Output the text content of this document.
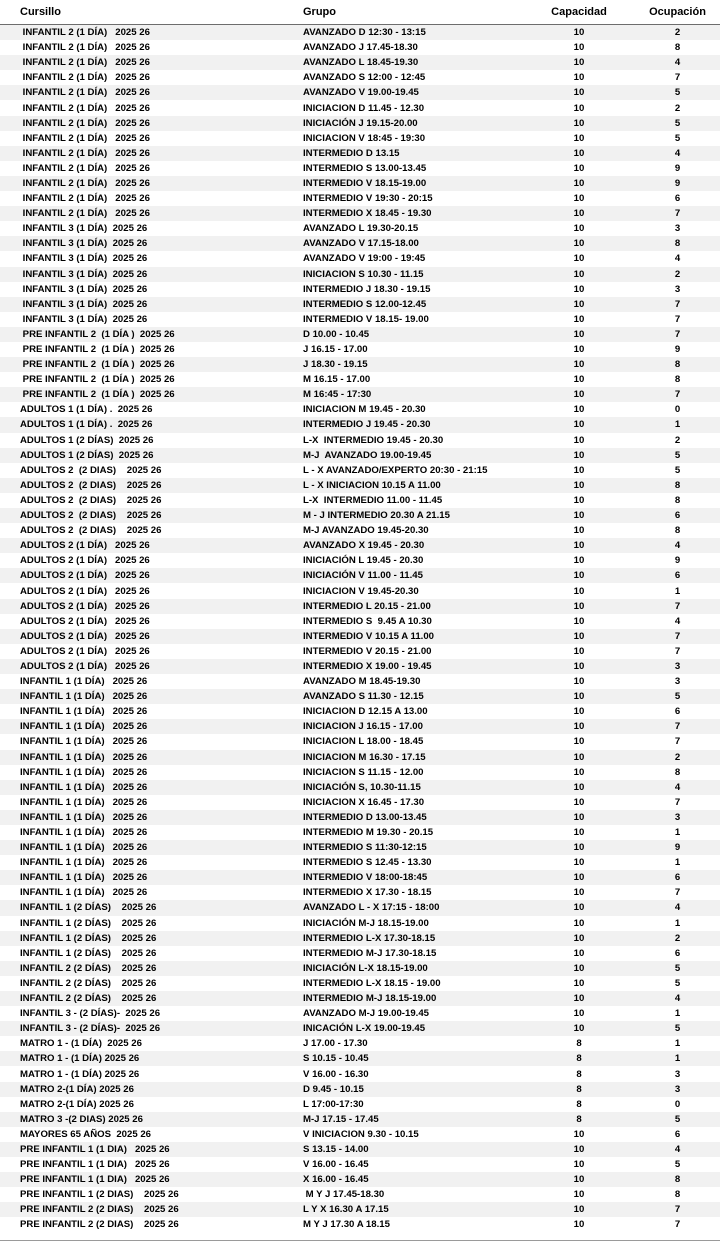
Cursillo	Grupo	Capacidad	Ocupación
INFANTIL 2 (1 DÍA)   2025 26	AVANZADO D 12:30 - 13:15	10	2
INFANTIL 2 (1 DÍA)   2025 26	AVANZADO J 17.45-18.30	10	8
INFANTIL 2 (1 DÍA)   2025 26	AVANZADO L 18.45-19.30	10	4
INFANTIL 2 (1 DÍA)   2025 26	AVANZADO S 12:00 - 12:45	10	7
INFANTIL 2 (1 DÍA)   2025 26	AVANZADO V 19.00-19.45	10	5
INFANTIL 2 (1 DÍA)   2025 26	INICIACION D 11.45 - 12.30	10	2
INFANTIL 2 (1 DÍA)   2025 26	INICIACIÓN J 19.15-20.00	10	5
INFANTIL 2 (1 DÍA)   2025 26	INICIACION V 18:45 - 19:30	10	5
INFANTIL 2 (1 DÍA)   2025 26	INTERMEDIO D 13.15	10	4
INFANTIL 2 (1 DÍA)   2025 26	INTERMEDIO S 13.00-13.45	10	9
INFANTIL 2 (1 DÍA)   2025 26	INTERMEDIO V 18.15-19.00	10	9
INFANTIL 2 (1 DÍA)   2025 26	INTERMEDIO V 19:30 - 20:15	10	6
INFANTIL 2 (1 DÍA)   2025 26	INTERMEDIO X 18.45 - 19.30	10	7
INFANTIL 3 (1 DÍA)  2025 26	AVANZADO L 19.30-20.15	10	3
INFANTIL 3 (1 DÍA)  2025 26	AVANZADO V 17.15-18.00	10	8
INFANTIL 3 (1 DÍA)  2025 26	AVANZADO V 19:00 - 19:45	10	4
INFANTIL 3 (1 DÍA)  2025 26	INICIACION S 10.30 - 11.15	10	2
INFANTIL 3 (1 DÍA)  2025 26	INTERMEDIO J 18.30 - 19.15	10	3
INFANTIL 3 (1 DÍA)  2025 26	INTERMEDIO S 12.00-12.45	10	7
INFANTIL 3 (1 DÍA)  2025 26	INTERMEDIO V 18.15- 19.00	10	7
PRE INFANTIL 2  (1 DÍA )  2025 26	D 10.00 - 10.45	10	7
PRE INFANTIL 2  (1 DÍA )  2025 26	J 16.15 - 17.00	10	9
PRE INFANTIL 2  (1 DÍA )  2025 26	J 18.30 - 19.15	10	8
PRE INFANTIL 2  (1 DÍA )  2025 26	M 16.15 - 17.00	10	8
PRE INFANTIL 2  (1 DÍA )  2025 26	M 16:45 - 17:30	10	7
ADULTOS 1 (1 DÍA) .  2025 26	INICIACION M 19.45 - 20.30	10	0
ADULTOS 1 (1 DÍA) .  2025 26	INTERMEDIO J 19.45 - 20.30	10	1
ADULTOS 1 (2 DÍAS)  2025 26	L-X  INTERMEDIO 19.45 - 20.30	10	2
ADULTOS 1 (2 DÍAS)  2025 26	M-J  AVANZADO 19.00-19.45	10	5
ADULTOS 2  (2 DIAS)    2025 26	L - X AVANZADO/EXPERTO 20:30 - 21:15	10	5
ADULTOS 2  (2 DIAS)    2025 26	L - X INICIACION 10.15 A 11.00	10	8
ADULTOS 2  (2 DIAS)    2025 26	L-X  INTERMEDIO 11.00 - 11.45	10	8
ADULTOS 2  (2 DIAS)    2025 26	M - J INTERMEDIO 20.30 A 21.15	10	6
ADULTOS 2  (2 DIAS)    2025 26	M-J AVANZADO 19.45-20.30	10	8
ADULTOS 2 (1 DÍA)   2025 26	AVANZADO X 19.45 - 20.30	10	4
ADULTOS 2 (1 DÍA)   2025 26	INICIACIÓN L 19.45 - 20.30	10	9
ADULTOS 2 (1 DÍA)   2025 26	INICIACIÓN V 11.00 - 11.45	10	6
ADULTOS 2 (1 DÍA)   2025 26	INICIACION V 19.45-20.30	10	1
ADULTOS 2 (1 DÍA)   2025 26	INTERMEDIO L 20.15 - 21.00	10	7
ADULTOS 2 (1 DÍA)   2025 26	INTERMEDIO S  9.45 A 10.30	10	4
ADULTOS 2 (1 DÍA)   2025 26	INTERMEDIO V 10.15 A 11.00	10	7
ADULTOS 2 (1 DÍA)   2025 26	INTERMEDIO V 20.15 - 21.00	10	7
ADULTOS 2 (1 DÍA)   2025 26	INTERMEDIO X 19.00 - 19.45	10	3
INFANTIL 1 (1 DÍA)   2025 26	AVANZADO M 18.45-19.30	10	3
INFANTIL 1 (1 DÍA)   2025 26	AVANZADO S 11.30 - 12.15	10	5
INFANTIL 1 (1 DÍA)   2025 26	INICIACION D 12.15 A 13.00	10	6
INFANTIL 1 (1 DÍA)   2025 26	INICIACION J 16.15 - 17.00	10	7
INFANTIL 1 (1 DÍA)   2025 26	INICIACION L 18.00 - 18.45	10	7
INFANTIL 1 (1 DÍA)   2025 26	INICIACION M 16.30 - 17.15	10	2
INFANTIL 1 (1 DÍA)   2025 26	INICIACION S 11.15 - 12.00	10	8
INFANTIL 1 (1 DÍA)   2025 26	INICIACIÓN S, 10.30-11.15	10	4
INFANTIL 1 (1 DÍA)   2025 26	INICIACION X 16.45 - 17.30	10	7
INFANTIL 1 (1 DÍA)   2025 26	INTERMEDIO D 13.00-13.45	10	3
INFANTIL 1 (1 DÍA)   2025 26	INTERMEDIO M 19.30 - 20.15	10	1
INFANTIL 1 (1 DÍA)   2025 26	INTERMEDIO S 11:30-12:15	10	9
INFANTIL 1 (1 DÍA)   2025 26	INTERMEDIO S 12.45 - 13.30	10	1
INFANTIL 1 (1 DÍA)   2025 26	INTERMEDIO V 18:00-18:45	10	6
INFANTIL 1 (1 DÍA)   2025 26	INTERMEDIO X 17.30 - 18.15	10	7
INFANTIL 1 (2 DÍAS)    2025 26	AVANZADO L - X 17:15 - 18:00	10	4
INFANTIL 1 (2 DÍAS)    2025 26	INICIACIÓN M-J 18.15-19.00	10	1
INFANTIL 1 (2 DÍAS)    2025 26	INTERMEDIO L-X 17.30-18.15	10	2
INFANTIL 1 (2 DÍAS)    2025 26	INTERMEDIO M-J 17.30-18.15	10	6
INFANTIL 2 (2 DÍAS)    2025 26	INICIACIÓN L-X 18.15-19.00	10	5
INFANTIL 2 (2 DÍAS)    2025 26	INTERMEDIO L-X 18.15 - 19.00	10	5
INFANTIL 2 (2 DÍAS)    2025 26	INTERMEDIO M-J 18.15-19.00	10	4
INFANTIL 3 - (2 DÍAS)-  2025 26	AVANZADO M-J 19.00-19.45	10	1
INFANTIL 3 - (2 DÍAS)-  2025 26	INICACIÓN L-X 19.00-19.45	10	5
MATRO 1 - (1 DÍA)  2025 26	J 17.00 - 17.30	8	1
MATRO 1 - (1 DÍA) 2025 26	S 10.15 - 10.45	8	1
MATRO 1 - (1 DÍA) 2025 26	V 16.00 - 16.30	8	3
MATRO 2-(1 DÍA) 2025 26	D 9.45 - 10.15	8	3
MATRO 2-(1 DÍA) 2025 26	L 17:00-17:30	8	0
MATRO 3 -(2 DIAS) 2025 26	M-J 17.15 - 17.45	8	5
MAYORES 65 AÑOS  2025 26	V INICIACION 9.30 - 10.15	10	6
PRE INFANTIL 1 (1 DIA)   2025 26	S 13.15 - 14.00	10	4
PRE INFANTIL 1 (1 DIA)   2025 26	V 16.00 - 16.45	10	5
PRE INFANTIL 1 (1 DIA)   2025 26	X 16.00 - 16.45	10	8
PRE INFANTIL 1 (2 DIAS)    2025 26	M Y J 17.45-18.30	10	8
PRE INFANTIL 2 (2 DIAS)    2025 26	L Y X 16.30 A 17.15	10	7
PRE INFANTIL 2 (2 DIAS)    2025 26	M Y J 17.30 A 18.15	10	7
